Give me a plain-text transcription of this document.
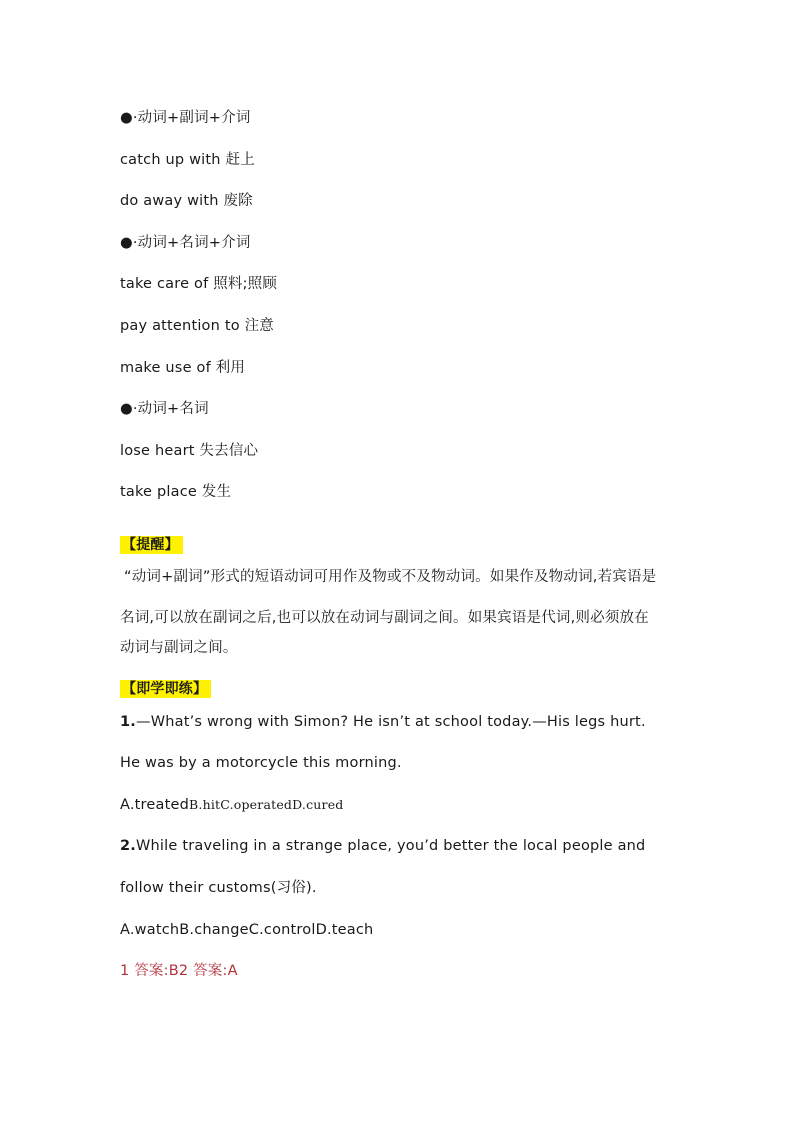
●·动词+副词+介词
catch up with 赶上
do away with 废除
●·动词+名词+介词
take care of 照料;照顾
pay attention to 注意
make use of 利用
●·动词+名词
lose heart 失去信心
take place 发生
【提醒】
“动词+副词”形式的短语动词可用作及物或不及物动词。如果作及物动词,若宾语是
名词,可以放在副词之后,也可以放在动词与副词之间。如果宾语是代词,则必须放在
动词与副词之间。
【即学即练】
1.—What’s wrong with Simon? He isn’t at school today.—His legs hurt.
He was by a motorcycle this morning.
A.treatedB.hitC.operatedD.cured
2.While traveling in a strange place, you’d better the local people and
follow their customs(习俗).
A.watchB.changeC.controlD.teach
1 答案:B2 答案:A
